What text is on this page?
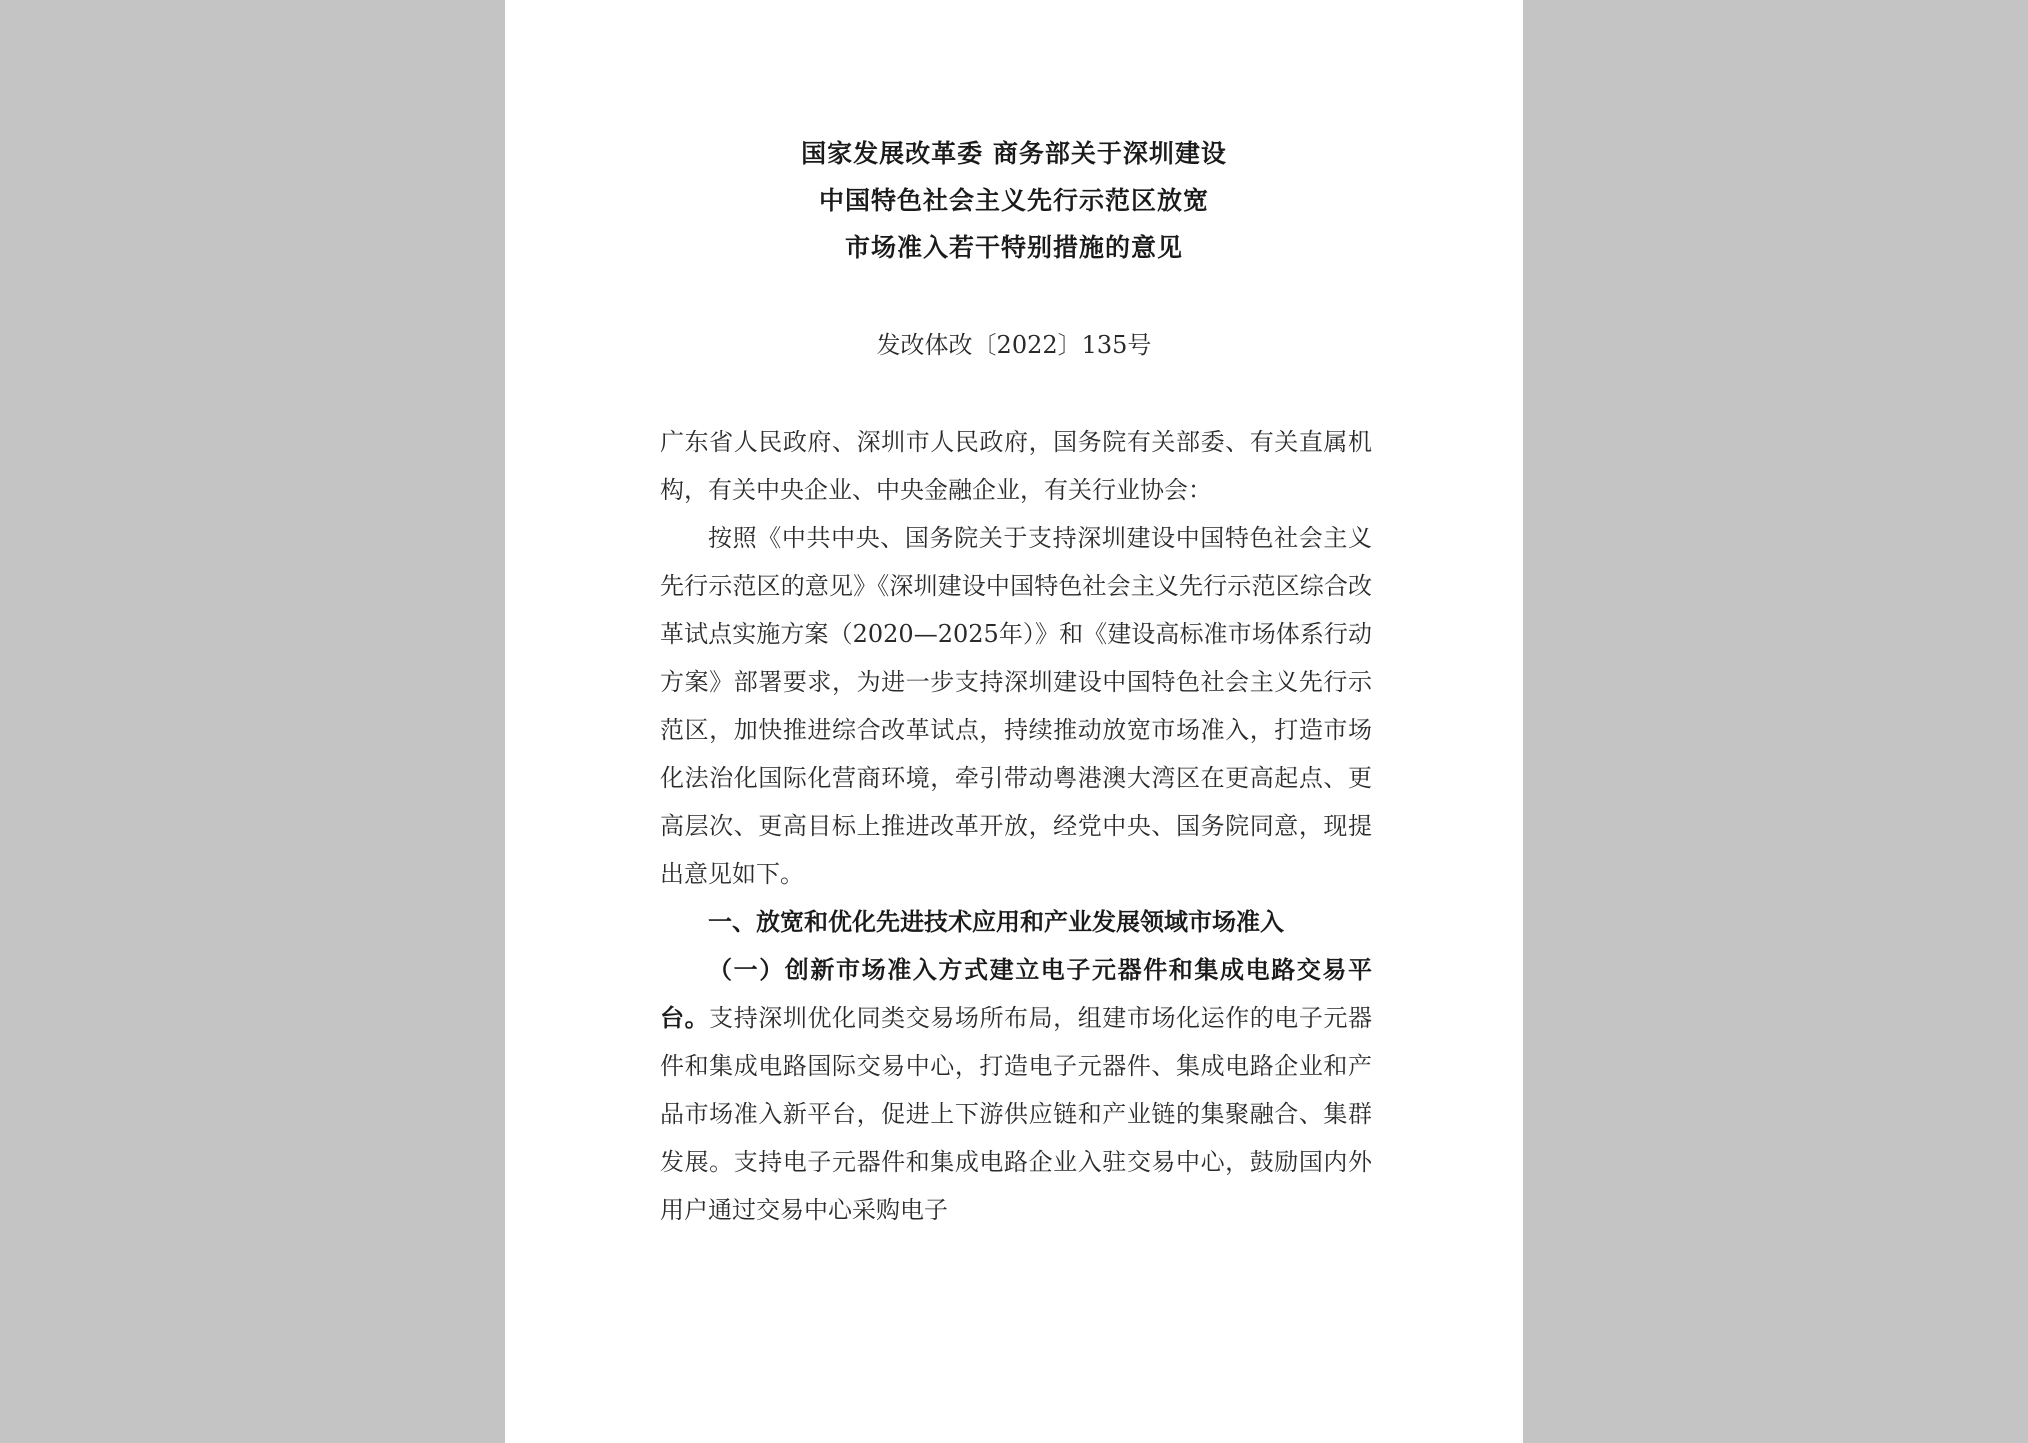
国家发展改革委 商务部关于深圳建设
中国特色社会主义先行示范区放宽
市场准入若干特别措施的意见
发改体改〔2022〕135号

广东省人民政府、深圳市人民政府，国务院有关部委、有关直属机构，有关中央企业、中央金融企业，有关行业协会：

按照《中共中央、国务院关于支持深圳建设中国特色社会主义先行示范区的意见》《深圳建设中国特色社会主义先行示范区综合改革试点实施方案（2020—2025年）》和《建设高标准市场体系行动方案》部署要求，为进一步支持深圳建设中国特色社会主义先行示范区，加快推进综合改革试点，持续推动放宽市场准入，打造市场化法治化国际化营商环境，牵引带动粤港澳大湾区在更高起点、更高层次、更高目标上推进改革开放，经党中央、国务院同意，现提出意见如下。

一、放宽和优化先进技术应用和产业发展领域市场准入

（一）创新市场准入方式建立电子元器件和集成电路交易平台。支持深圳优化同类交易场所布局，组建市场化运作的电子元器件和集成电路国际交易中心，打造电子元器件、集成电路企业和产品市场准入新平台，促进上下游供应链和产业链的集聚融合、集群发展。支持电子元器件和集成电路企业入驻交易中心，鼓励国内外用户通过交易中心采购电子
